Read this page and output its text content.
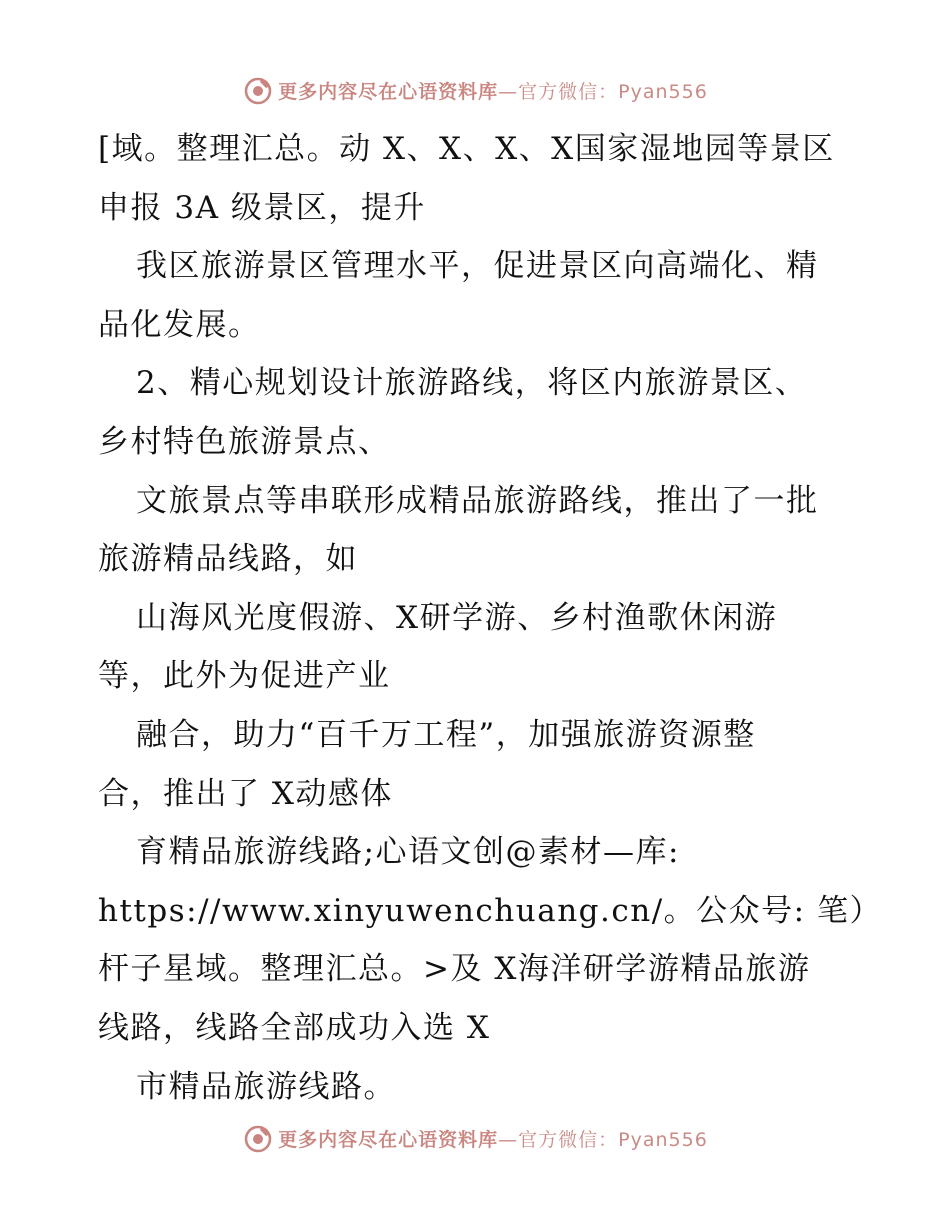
更多内容尽在心语资料库—官方微信：Pyan556
[域。整理汇总。动 X、X、X、X国家湿地园等景区
申报 3A 级景区，提升
我区旅游景区管理水平，促进景区向高端化、精
品化发展。
2、精心规划设计旅游路线，将区内旅游景区、
乡村特色旅游景点、
文旅景点等串联形成精品旅游路线，推出了一批
旅游精品线路，如
山海风光度假游、X研学游、乡村渔歌休闲游
等，此外为促进产业
融合，助力“百千万工程”，加强旅游资源整
合，推出了 X动感体
育精品旅游线路;心语文创@素材—库:
https://www.xinyuwenchuang.cn/。公众号: 笔）
杆子星域。整理汇总。>及 X海洋研学游精品旅游
线路，线路全部成功入选 X
市精品旅游线路。
更多内容尽在心语资料库—官方微信：Pyan556
